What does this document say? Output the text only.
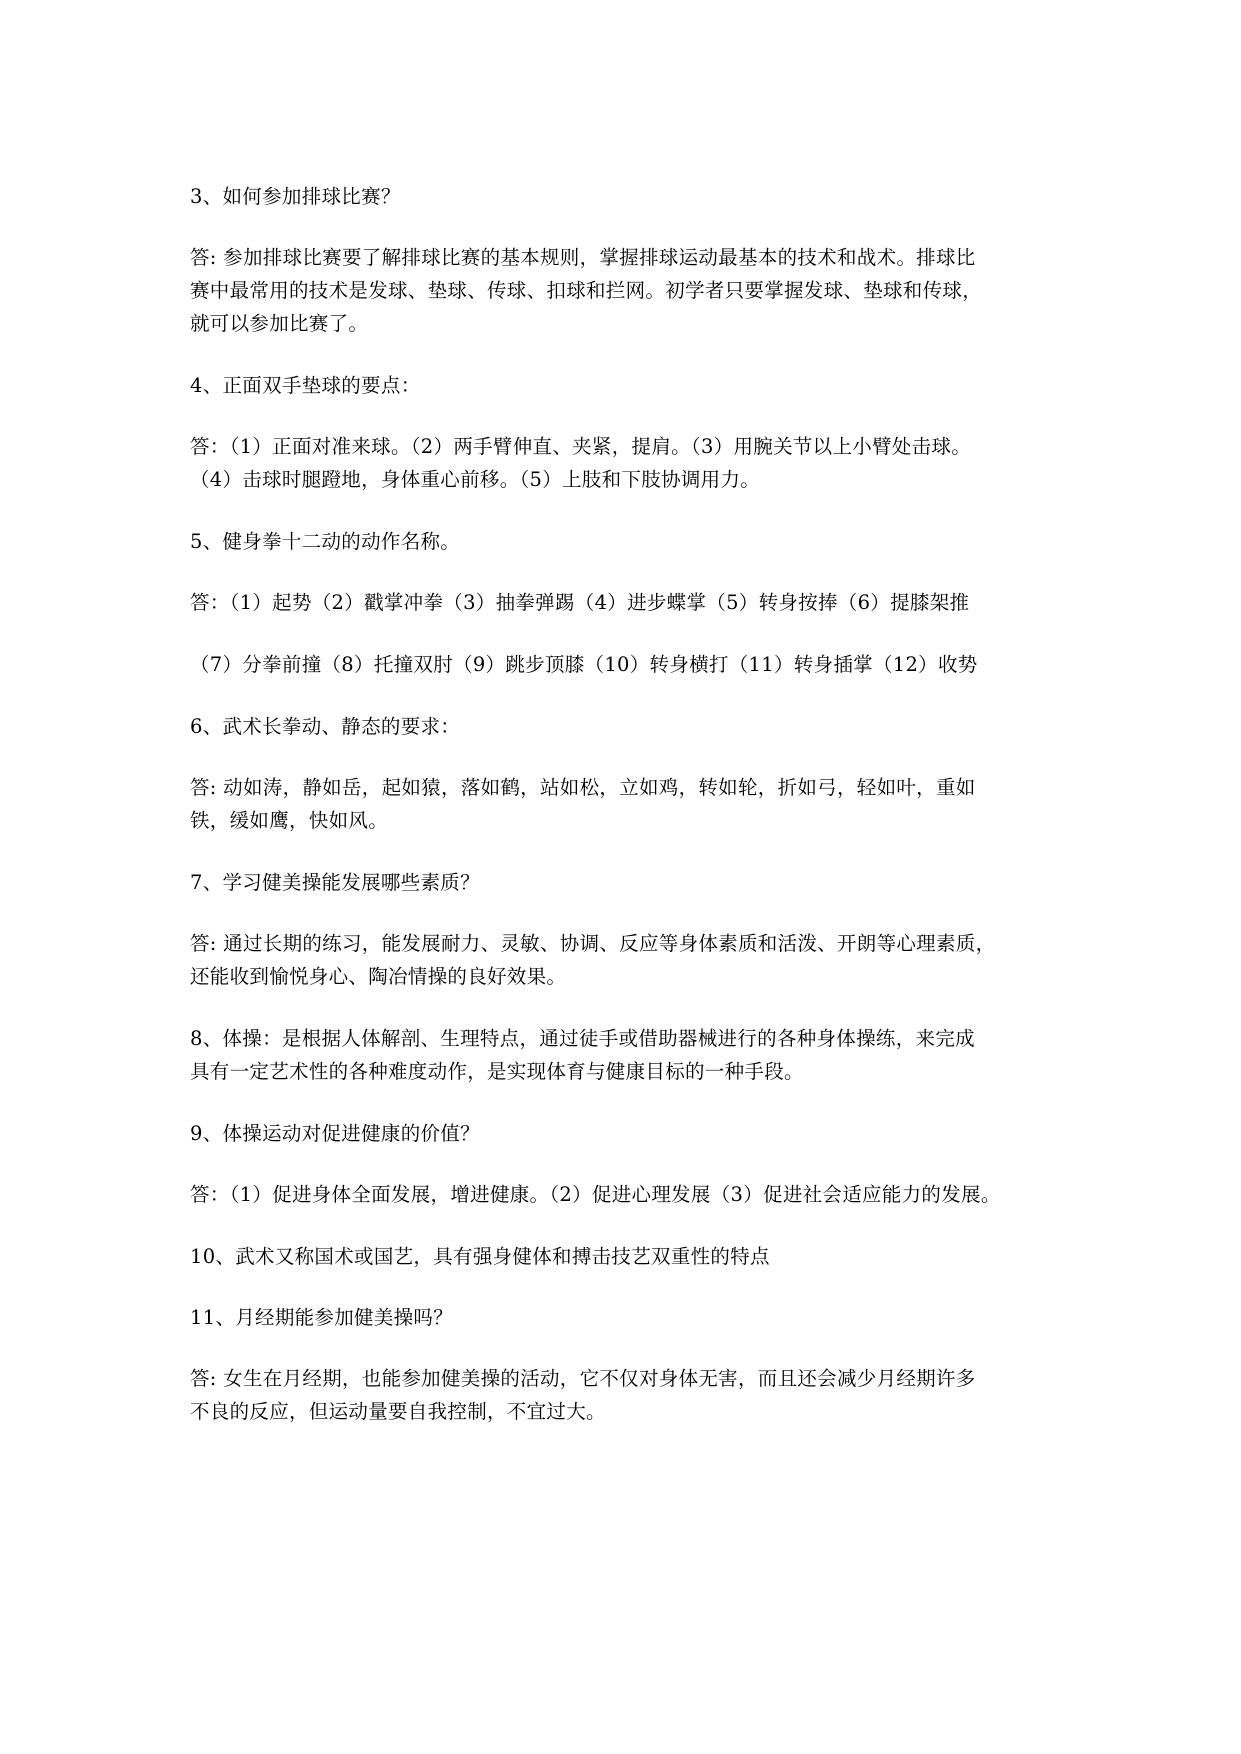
3、如何参加排球比赛？

答: 参加排球比赛要了解排球比赛的基本规则，掌握排球运动最基本的技术和战术。排球比

赛中最常用的技术是发球、垫球、传球、扣球和拦网。初学者只要掌握发球、垫球和传球，

就可以参加比赛了。

4、正面双手垫球的要点：

答：（1）正面对准来球。（2）两手臂伸直、夹紧，提肩。（3）用腕关节以上小臂处击球。

（4）击球时腿蹬地，身体重心前移。（5）上肢和下肢协调用力。

5、健身拳十二动的动作名称。

答：（1）起势（2）戳掌冲拳（3）抽拳弹踢（4）进步蝶掌（5）转身按捧（6）提膝架推

（7）分拳前撞（8）托撞双肘（9）跳步顶膝（10）转身横打（11）转身插掌（12）收势

6、武术长拳动、静态的要求：

答: 动如涛，静如岳，起如猿，落如鹤，站如松，立如鸡，转如轮，折如弓，轻如叶，重如

铁，缓如鹰，快如风。

7、学习健美操能发展哪些素质？

答: 通过长期的练习，能发展耐力、灵敏、协调、反应等身体素质和活泼、开朗等心理素质，

还能收到愉悦身心、陶冶情操的良好效果。

8、体操：是根据人体解剖、生理特点，通过徒手或借助器械进行的各种身体操练，来完成

具有一定艺术性的各种难度动作，是实现体育与健康目标的一种手段。

9、体操运动对促进健康的价值？

答：（1）促进身体全面发展，增进健康。（2）促进心理发展（3）促进社会适应能力的发展。

10、武术又称国术或国艺，具有强身健体和搏击技艺双重性的特点

11、月经期能参加健美操吗？

答: 女生在月经期，也能参加健美操的活动，它不仅对身体无害，而且还会减少月经期许多

不良的反应，但运动量要自我控制，不宜过大。
